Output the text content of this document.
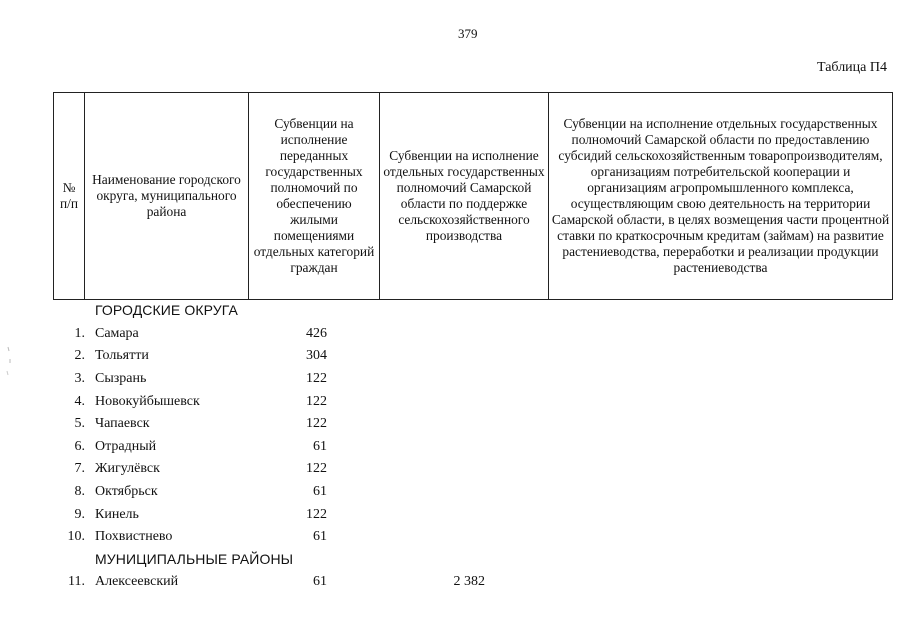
379
Таблица П4
№ п/п	Наименование городского округа, муниципального района	Субвенции на исполнение переданных государственных полномочий по обеспечению жилыми помещениями отдельных категорий граждан	Субвенции на исполнение отдельных государственных полномочий Самарской области по поддержке сельскохозяйственного производства	Субвенции на исполнение отдельных государственных полномочий Самарской области по предоставлению субсидий сельскохозяйственным товаропроизводителям, организациям потребительской кооперации и организациям агропромышленного комплекса, осуществляющим свою деятельность на территории Самарской области, в целях возмещения части процентной ставки по краткосрочным кредитам (займам) на развитие растениеводства, переработки и реализации продукции растениеводства
ГОРОДСКИЕ ОКРУГА
1. Самара	426
2. Тольятти	304
3. Сызрань	122
4. Новокуйбышевск	122
5. Чапаевск	122
6. Отрадный	61
7. Жигулёвск	122
8. Октябрьск	61
9. Кинель	122
10. Похвистнево	61
МУНИЦИПАЛЬНЫЕ РАЙОНЫ
11. Алексеевский	61	2 382
